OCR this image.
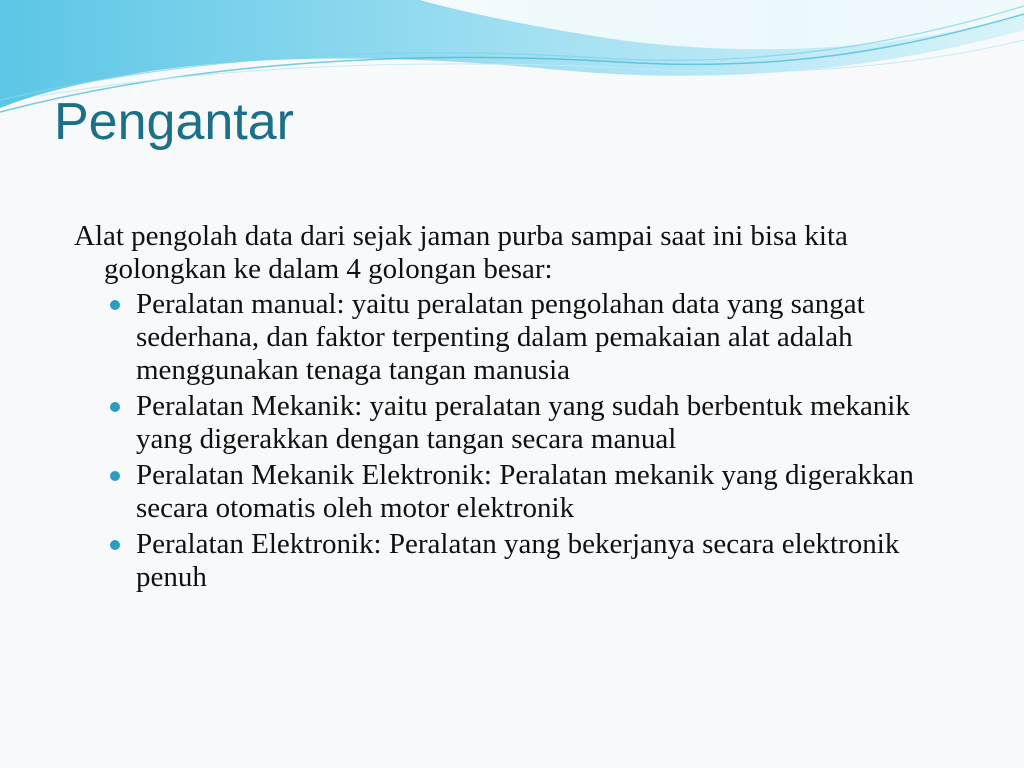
Pengantar

Alat pengolah data dari sejak jaman purba sampai saat ini bisa kita golongkan ke dalam 4 golongan besar:

Peralatan manual: yaitu peralatan pengolahan data yang sangat sederhana, dan faktor terpenting dalam pemakaian alat adalah menggunakan tenaga tangan manusia
Peralatan Mekanik: yaitu peralatan yang sudah berbentuk mekanik yang digerakkan dengan tangan secara manual
Peralatan Mekanik Elektronik: Peralatan mekanik yang digerakkan secara otomatis oleh motor elektronik
Peralatan Elektronik: Peralatan yang bekerjanya secara elektronik penuh
